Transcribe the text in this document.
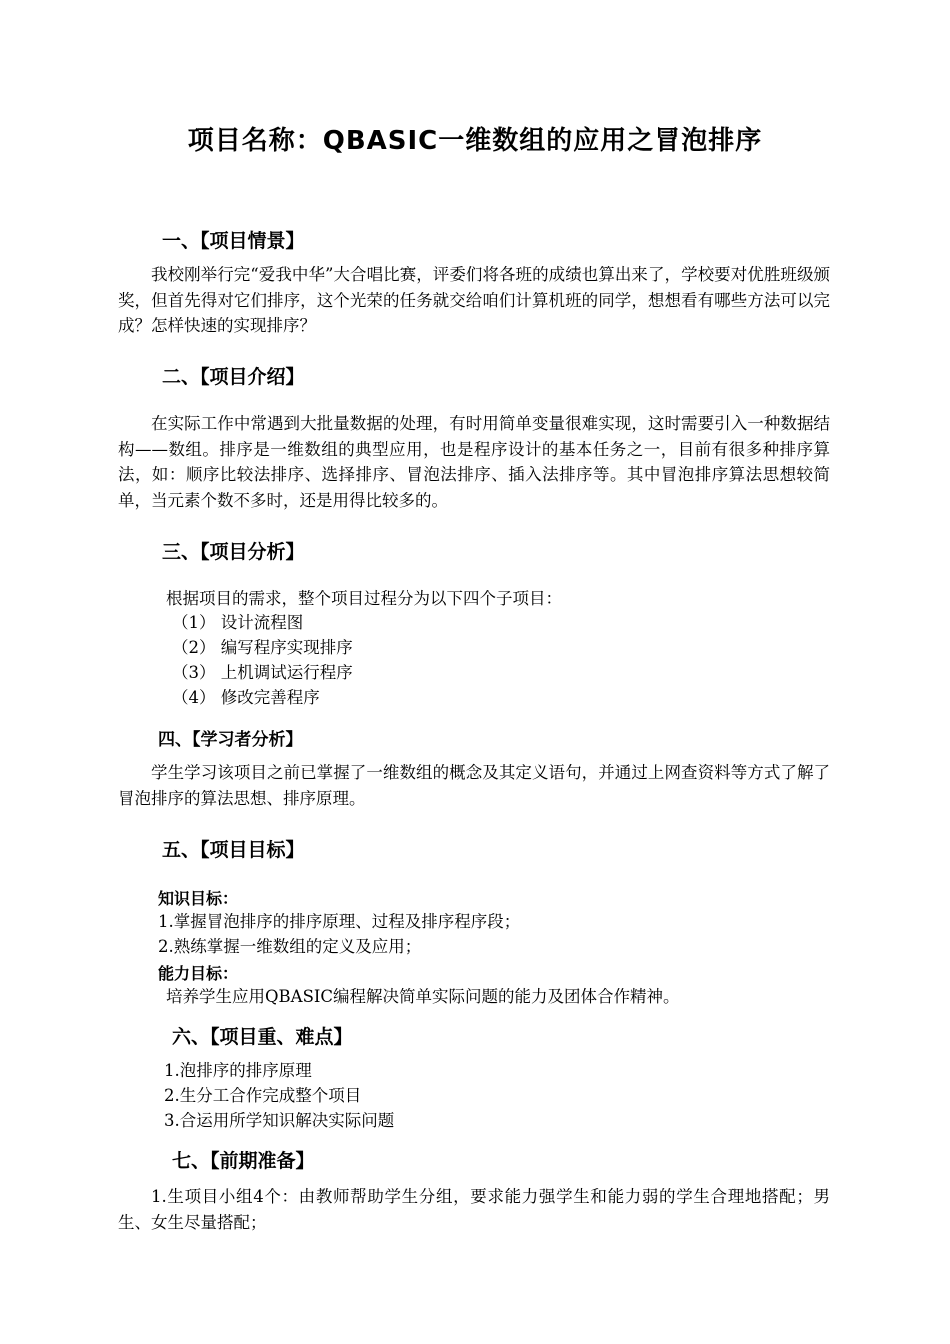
项目名称：QBASIC一维数组的应用之冒泡排序
一、【项目情景】
我校刚举行完“爱我中华”大合唱比赛，评委们将各班的成绩也算出来了，学校要对优胜班级颁奖，但首先得对它们排序，这个光荣的任务就交给咱们计算机班的同学，想想看有哪些方法可以完成？怎样快速的实现排序？
二、【项目介绍】
在实际工作中常遇到大批量数据的处理，有时用简单变量很难实现，这时需要引入一种数据结构——数组。排序是一维数组的典型应用，也是程序设计的基本任务之一，目前有很多种排序算法，如：顺序比较法排序、选择排序、冒泡法排序、插入法排序等。其中冒泡排序算法思想较简单，当元素个数不多时，还是用得比较多的。
三、【项目分析】
根据项目的需求，整个项目过程分为以下四个子项目：
（1） 设计流程图
（2） 编写程序实现排序
（3） 上机调试运行程序
（4） 修改完善程序
四、【学习者分析】
学生学习该项目之前已掌握了一维数组的概念及其定义语句，并通过上网查资料等方式了解了冒泡排序的算法思想、排序原理。
五、【项目目标】
知识目标：
1.掌握冒泡排序的排序原理、过程及排序程序段；
2.熟练掌握一维数组的定义及应用；
能力目标：
培养学生应用QBASIC编程解决简单实际问题的能力及团体合作精神。
六、【项目重、难点】
1.泡排序的排序原理
2.生分工合作完成整个项目
3.合运用所学知识解决实际问题
七、【前期准备】
1.生项目小组4个：由教师帮助学生分组，要求能力强学生和能力弱的学生合理地搭配；男生、女生尽量搭配；
